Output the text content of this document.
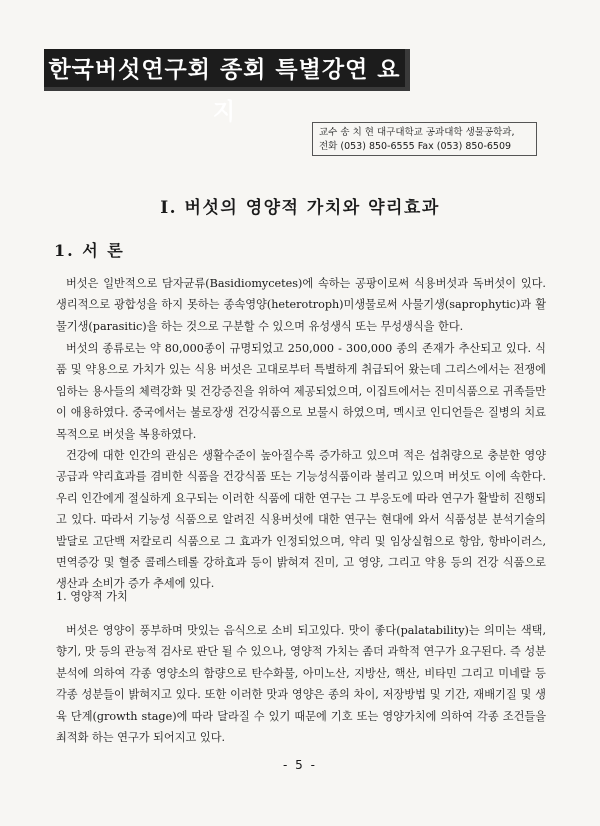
한국버섯연구회 종회 특별강연 요지
교수 송 치 현 대구대학교 공과대학 생물공학과,
전화 (053) 850-6555 Fax (053) 850-6509
Ⅰ. 버섯의 영양적 가치와 약리효과
1. 서 론

버섯은 일반적으로 담자균류(Basidiomycetes)에 속하는 공팡이로써 식용버섯과 독버섯이 있다. 생리적으로 광합성을 하지 못하는 종속영양(heterotroph)미생물로써 사물기생(saprophytic)과 활물기생(parasitic)을 하는 것으로 구분할 수 있으며 유성생식 또는 무성생식을 한다.

버섯의 종류로는 약 80,000종이 규명되었고 250,000 - 300,000 종의 존재가 추산되고 있다. 식품 및 약용으로 가치가 있는 식용 버섯은 고대로부터 특별하게 취급되어 왔는데 그리스에서는 전쟁에 임하는 용사들의 체력강화 및 건강증진을 위하여 제공되었으며, 이집트에서는 진미식품으로 귀족들만이 애용하였다. 중국에서는 불로장생 건강식품으로 보물시 하였으며, 멕시코 인디언들은 질병의 치료목적으로 버섯을 복용하였다.

건강에 대한 인간의 관심은 생활수준이 높아질수록 증가하고 있으며 적은 섭취량으로 충분한 영양공급과 약리효과를 겸비한 식품을 건강식품 또는 기능성식품이라 불리고 있으며 버섯도 이에 속한다. 우리 인간에게 절실하게 요구되는 이러한 식품에 대한 연구는 그 부응도에 따라 연구가 활발히 진행되고 있다. 따라서 기능성 식품으로 알려진 식용버섯에 대한 연구는 현대에 와서 식품성분 분석기술의 발달로 고단백 저칼로리 식품으로 그 효과가 인정되었으며, 약리 및 임상실험으로 항암, 항바이러스, 면역증강 및 혈중 콜레스테롤 강하효과 등이 밝혀져 진미, 고 영양, 그리고 약용 등의 건강 식품으로 생산과 소비가 증가 추세에 있다.

1. 영양적 가치

버섯은 영양이 풍부하며 맛있는 음식으로 소비 되고있다. 맛이 좋다(palatability)는 의미는 색택, 향기, 맛 등의 관능적 검사로 판단 될 수 있으나, 영양적 가치는 좀더 과학적 연구가 요구된다. 즉 성분분석에 의하여 각종 영양소의 함량으로 탄수화물, 아미노산, 지방산, 핵산, 비타민 그리고 미네랄 등 각종 성분들이 밝혀지고 있다. 또한 이러한 맛과 영양은 종의 차이, 저장방법 및 기간, 재배기질 및 생육 단계(growth stage)에 따라 달라질 수 있기 때문에 기호 또는 영양가치에 의하여 각종 조건들을 최적화 하는 연구가 되어지고 있다.

- 5 -
